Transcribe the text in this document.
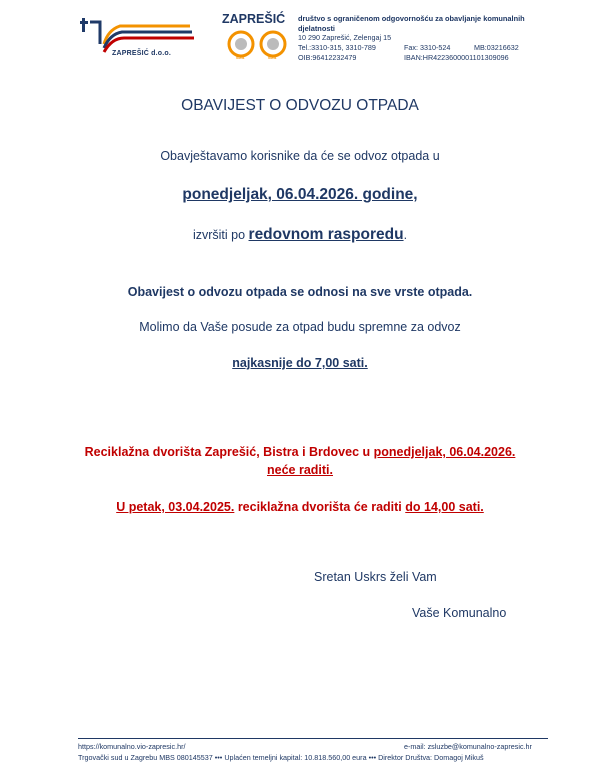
ZAPREŠIĆ d.o.o.
ZAPREŠIĆ društvo s ograničenom odgovornošću za obavljanje komunalnih djelatnosti
SGS	SGS
10 290 Zaprešić, Zelengaj 15
Tel.:3310-315, 3310-789	Fax: 3310-524	MB:03216632
OIB:96412232479	IBAN:HR4223600001101309096
OBAVIJEST O ODVOZU OTPADA
Obavještavamo korisnike da će se odvoz otpada u
ponedjeljak, 06.04.2026. godine,
izvršiti po redovnom rasporedu.
Obavijest o odvozu otpada se odnosi na sve vrste otpada.
Molimo da Vaše posude za otpad budu spremne za odvoz
najkasnije do 7,00 sati.
Reciklažna dvorišta Zaprešić, Bistra i Brdovec u ponedjeljak, 06.04.2026.
neće raditi.
U petak, 03.04.2025. reciklažna dvorišta će raditi do 14,00 sati.
Sretan Uskrs želi Vam
Vaše Komunalno
https://komunalno.vio-zapresic.hr/	e-mail: zsluzbe@komunalno-zapresic.hr
Trgovački sud u Zagrebu MBS 080145537 ••• Uplaćen temeljni kapital: 10.818.560,00 eura ••• Direktor Društva: Domagoj Mikuš
